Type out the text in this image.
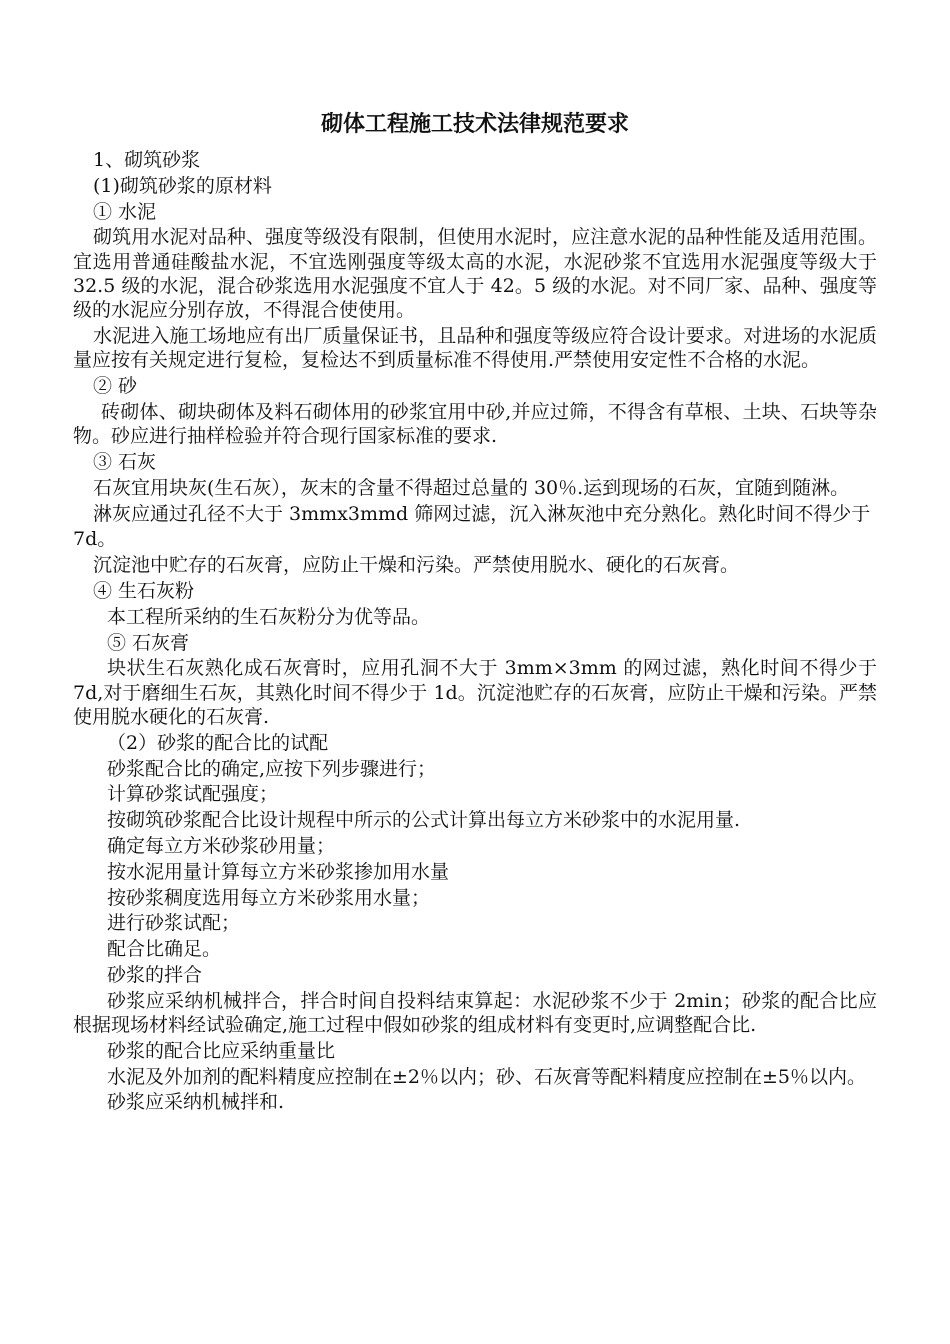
砌体工程施工技术法律规范要求

1、砌筑砂浆

(1)砌筑砂浆的原材料

① 水泥

砌筑用水泥对品种、强度等级没有限制，但使用水泥时，应注意水泥的品种性能及适用范围。宜选用普通硅酸盐水泥，不宜选刚强度等级太高的水泥，水泥砂浆不宜选用水泥强度等级大于 32.5 级的水泥，混合砂浆选用水泥强度不宜人于 42。5 级的水泥。对不同厂家、品种、强度等级的水泥应分别存放，不得混合使使用。

水泥进入施工场地应有出厂质量保证书，且品种和强度等级应符合设计要求。对进场的水泥质量应按有关规定进行复检，复检达不到质量标准不得使用.严禁使用安定性不合格的水泥。

② 砂

砖砌体、砌块砌体及料石砌体用的砂浆宜用中砂,并应过筛，不得含有草根、土块、石块等杂物。砂应进行抽样检验并符合现行国家标准的要求.

③ 石灰

石灰宜用块灰(生石灰），灰末的含量不得超过总量的 30％.运到现场的石灰，宜随到随淋。

淋灰应通过孔径不大于 3mmx3mmd 筛网过滤，沉入淋灰池中充分熟化。熟化时间不得少于

7d。

沉淀池中贮存的石灰膏，应防止干燥和污染。严禁使用脱水、硬化的石灰膏。

④ 生石灰粉

本工程所采纳的生石灰粉分为优等品。

⑤ 石灰膏

块状生石灰熟化成石灰膏时，应用孔洞不大于 3mm×3mm 的网过滤，熟化时间不得少于 7d,对于磨细生石灰，其熟化时间不得少于 1d。沉淀池贮存的石灰膏，应防止干燥和污染。严禁使用脱水硬化的石灰膏.

（2）砂浆的配合比的试配

砂浆配合比的确定,应按下列步骤进行；

计算砂浆试配强度；

按砌筑砂浆配合比设计规程中所示的公式计算出每立方米砂浆中的水泥用量.

确定每立方米砂浆砂用量；

按水泥用量计算每立方米砂浆掺加用水量

按砂浆稠度选用每立方米砂浆用水量；

进行砂浆试配；

配合比确足。

砂浆的拌合

砂浆应采纳机械拌合，拌合时间自投料结束算起：水泥砂浆不少于 2min；砂浆的配合比应根据现场材料经试验确定,施工过程中假如砂浆的组成材料有变更时,应调整配合比.

砂浆的配合比应采纳重量比

水泥及外加剂的配料精度应控制在±2％以内；砂、石灰膏等配料精度应控制在±5％以内。

砂浆应采纳机械拌和.
